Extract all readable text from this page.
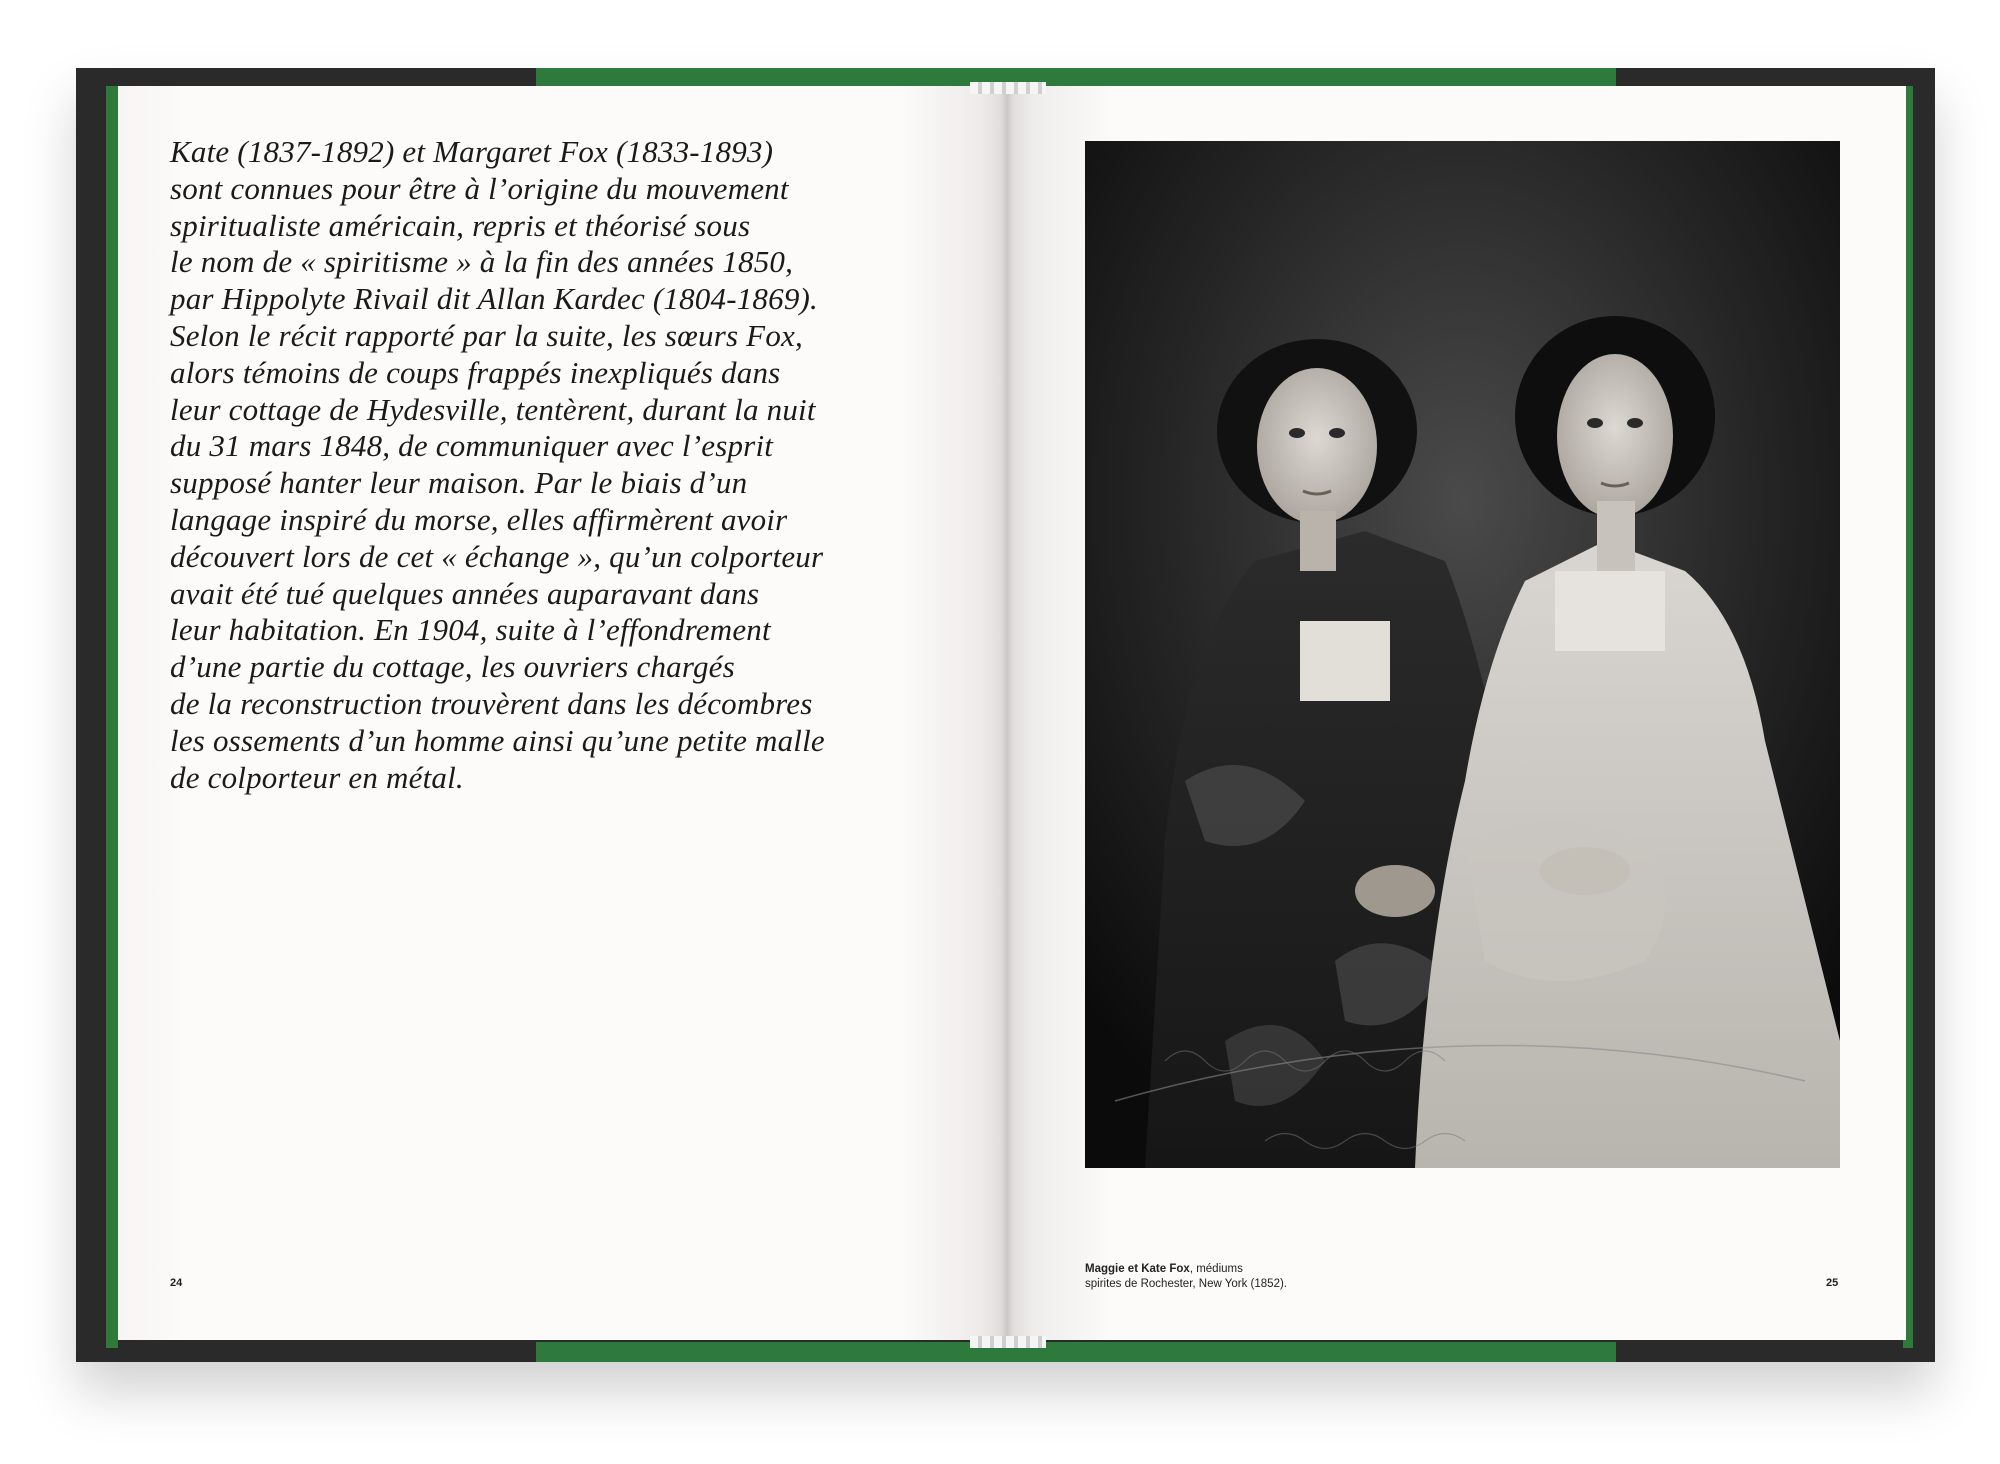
Kate (1837-1892) et Margaret Fox (1833-1893)
sont connues pour être à l’origine du mouvement
spiritualiste américain, repris et théorisé sous
le nom de « spiritisme » à la fin des années 1850,
par Hippolyte Rivail dit Allan Kardec (1804-1869).
Selon le récit rapporté par la suite, les sœurs Fox,
alors témoins de coups frappés inexpliqués dans
leur cottage de Hydesville, tentèrent, durant la nuit
du 31 mars 1848, de communiquer avec l’esprit
supposé hanter leur maison. Par le biais d’un
langage inspiré du morse, elles affirmèrent avoir
découvert lors de cet « échange », qu’un colporteur
avait été tué quelques années auparavant dans
leur habitation. En 1904, suite à l’effondrement
d’une partie du cottage, les ouvriers chargés
de la reconstruction trouvèrent dans les décombres
les ossements d’un homme ainsi qu’une petite malle
de colporteur en métal.
24
Maggie et Kate Fox, médiums
spirites de Rochester, New York (1852).	25
